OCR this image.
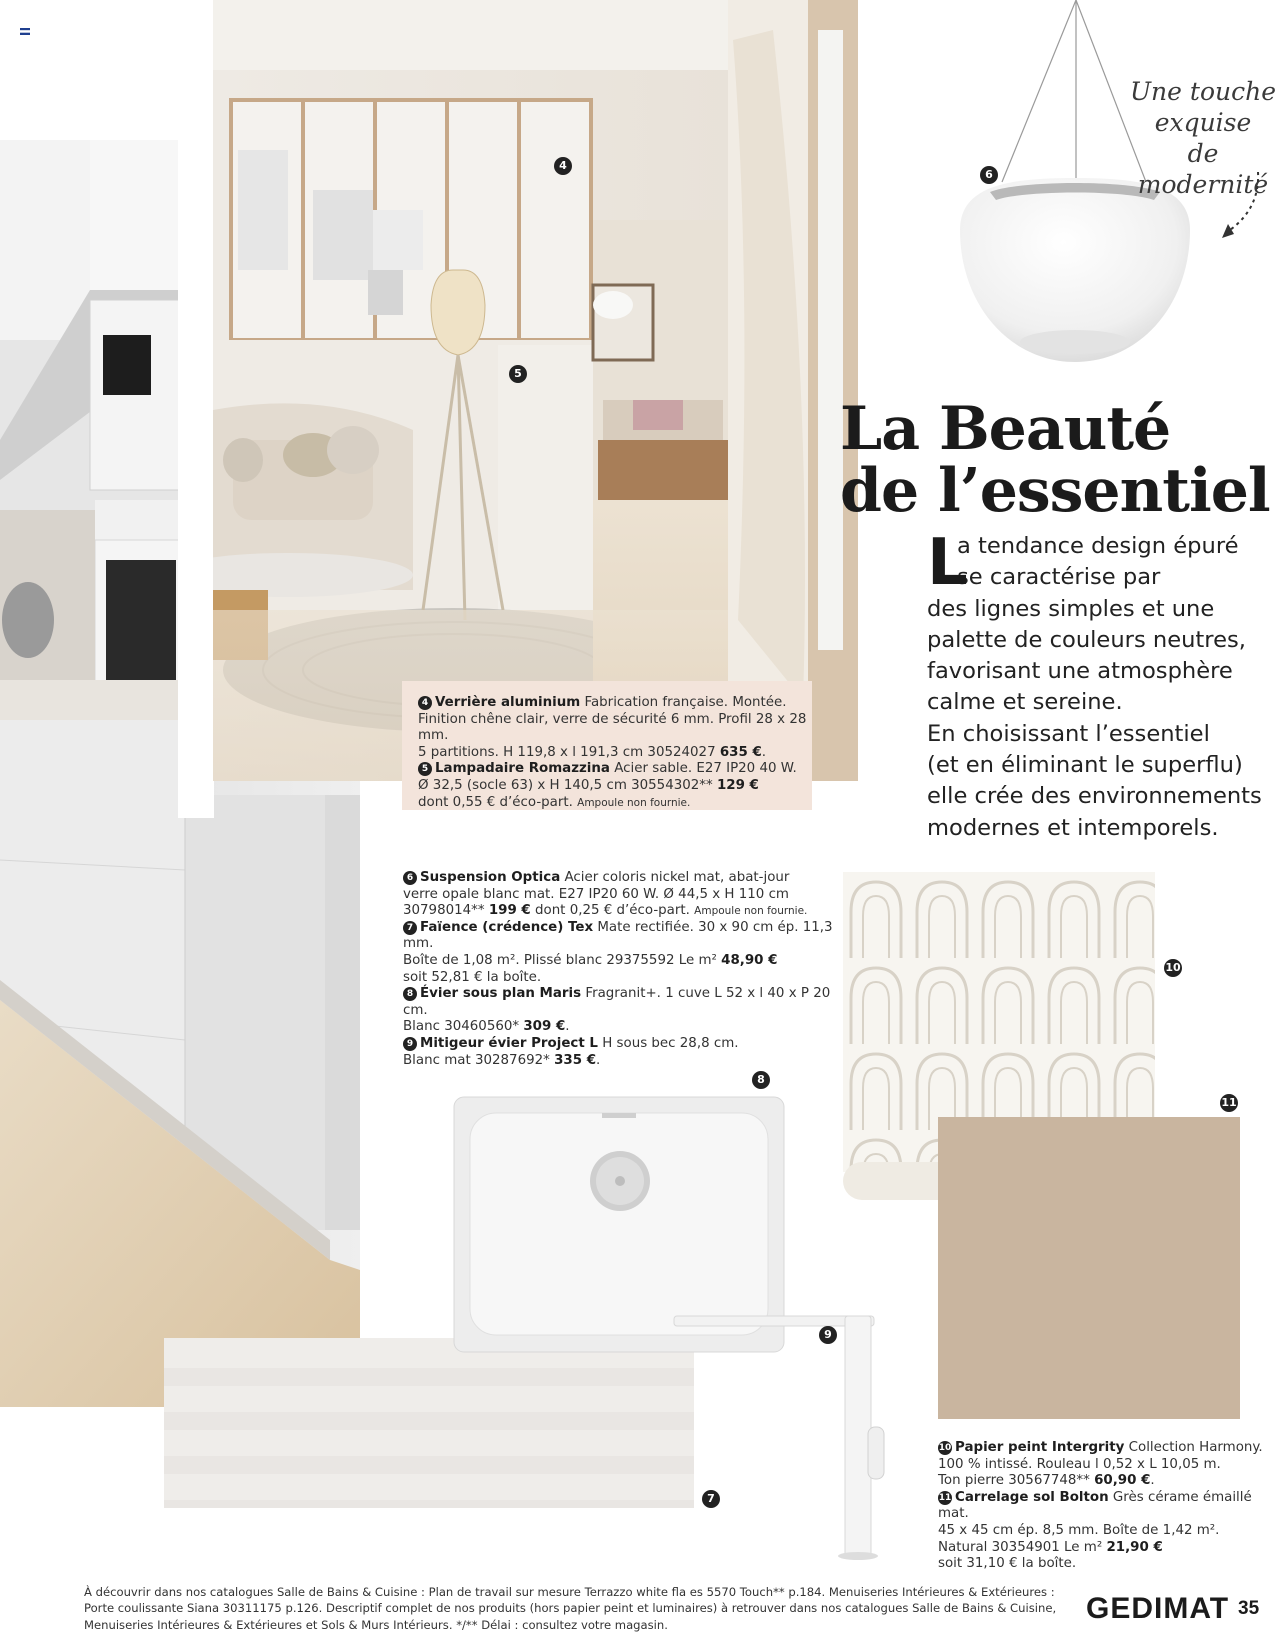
4
5
4 Verrière aluminium Fabrication française. Montée.
Finition chêne clair, verre de sécurité 6 mm. Profil 28 x 28 mm.
5 partitions. H 119,8 x l 191,3 cm 30524027 635 €.
5 Lampadaire Romazzina Acier sable. E27 IP20 40 W.
Ø 32,5 (socle 63) x H 140,5 cm 30554302** 129 €
dont 0,55 € d’éco-part. Ampoule non fournie.
6
Une touche
exquise
de modernité
La Beauté
de l’essentiel
L
a tendance design épuré
se caractérise par
des lignes simples et une
palette de couleurs neutres,
favorisant une atmosphère
calme et sereine.
En choisissant l’essentiel
(et en éliminant le superflu)
elle crée des environnements
modernes et intemporels.
6 Suspension Optica Acier coloris nickel mat, abat-jour
verre opale blanc mat. E27 IP20 60 W. Ø 44,5 x H 110 cm
30798014** 199 € dont 0,25 € d’éco-part. Ampoule non fournie.
7 Faïence (crédence) Tex Mate rectifiée. 30 x 90 cm ép. 11,3 mm.
Boîte de 1,08 m². Plissé blanc 29375592 Le m² 48,90 €
soit 52,81 € la boîte.
8 Évier sous plan Maris Fragranit+. 1 cuve L 52 x l 40 x P 20 cm.
Blanc 30460560* 309 €.
9 Mitigeur évier Project L H sous bec 28,8 cm.
Blanc mat 30287692* 335 €.
10
11
7
8
9
10 Papier peint Intergrity Collection Harmony.
100 % intissé. Rouleau l 0,52 x L 10,05 m.
Ton pierre 30567748** 60,90 €.
11 Carrelage sol Bolton Grès cérame émaillé mat.
45 x 45 cm ép. 8,5 mm. Boîte de 1,42 m².
Natural 30354901 Le m² 21,90 €
soit 31,10 € la boîte.
À découvrir dans nos catalogues Salle de Bains & Cuisine : Plan de travail sur mesure Terrazzo white fla es 5570 Touch** p.184. Menuiseries Intérieures & Extérieures :
Porte coulissante Siana 30311175 p.126. Descriptif complet de nos produits (hors papier peint et luminaires) à retrouver dans nos catalogues Salle de Bains & Cuisine,
Menuiseries Intérieures & Extérieures et Sols & Murs Intérieurs. */** Délai : consultez votre magasin.	GEDIMAT 35
